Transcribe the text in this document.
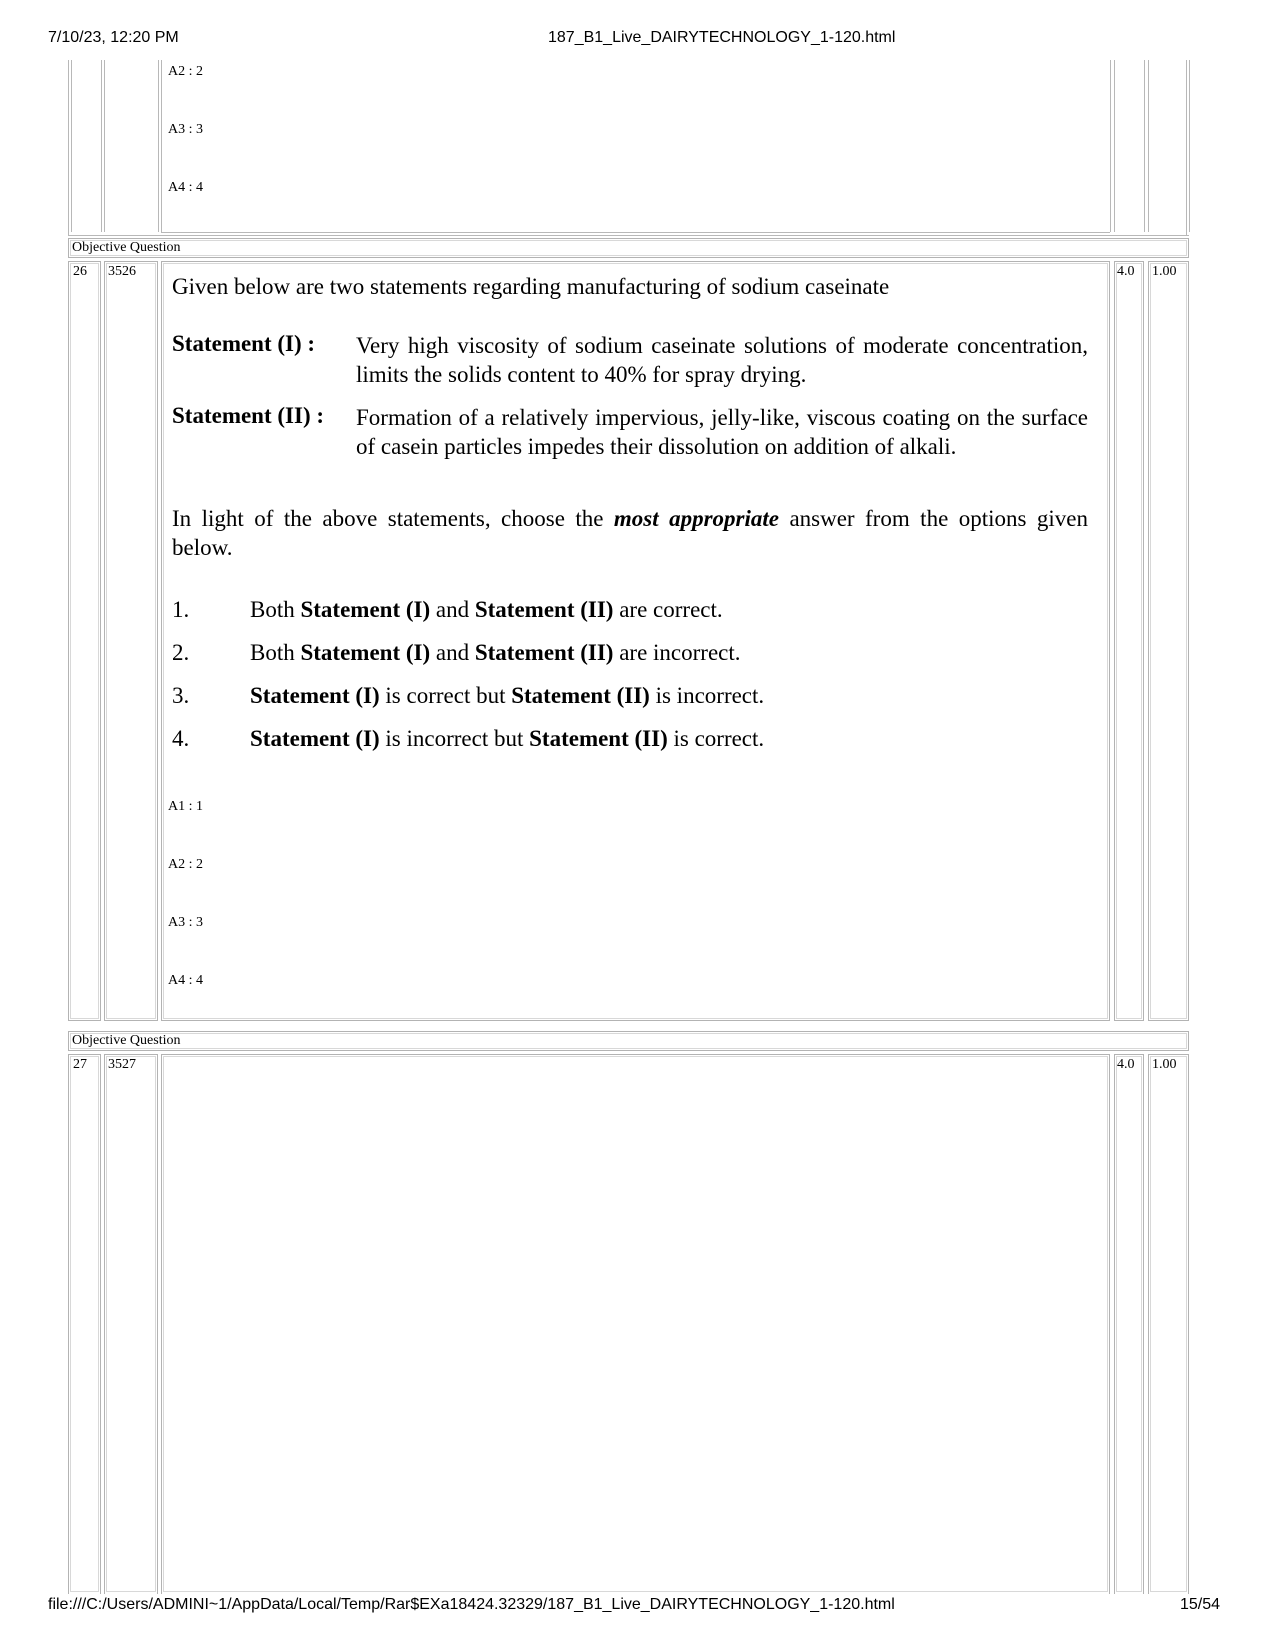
7/10/23, 12:20 PM	187_B1_Live_DAIRYTECHNOLOGY_1-120.html
file:///C:/Users/ADMINI~1/AppData/Local/Temp/Rar$EXa18424.32329/187_B1_Live_DAIRYTECHNOLOGY_1-120.html	15/54
A2 : 2
A3 : 3
A4 : 4
Objective Question
26 3526	4.0 1.00
Given below are two statements regarding manufacturing of sodium caseinate
Statement (I) : Very high viscosity of sodium caseinate solutions of moderate concentration, limits the solids content to 40% for spray drying.
Statement (II) : Formation of a relatively impervious, jelly-like, viscous coating on the surface of casein particles impedes their dissolution on addition of alkali.
In light of the above statements, choose the most appropriate answer from the options given below.
1.	Both Statement (I) and Statement (II) are correct.
2.	Both Statement (I) and Statement (II) are incorrect.
3.	Statement (I) is correct but Statement (II) is incorrect.
4.	Statement (I) is incorrect but Statement (II) is correct.
A1 : 1
A2 : 2
A3 : 3
A4 : 4
Objective Question
27 3527	4.0 1.00
